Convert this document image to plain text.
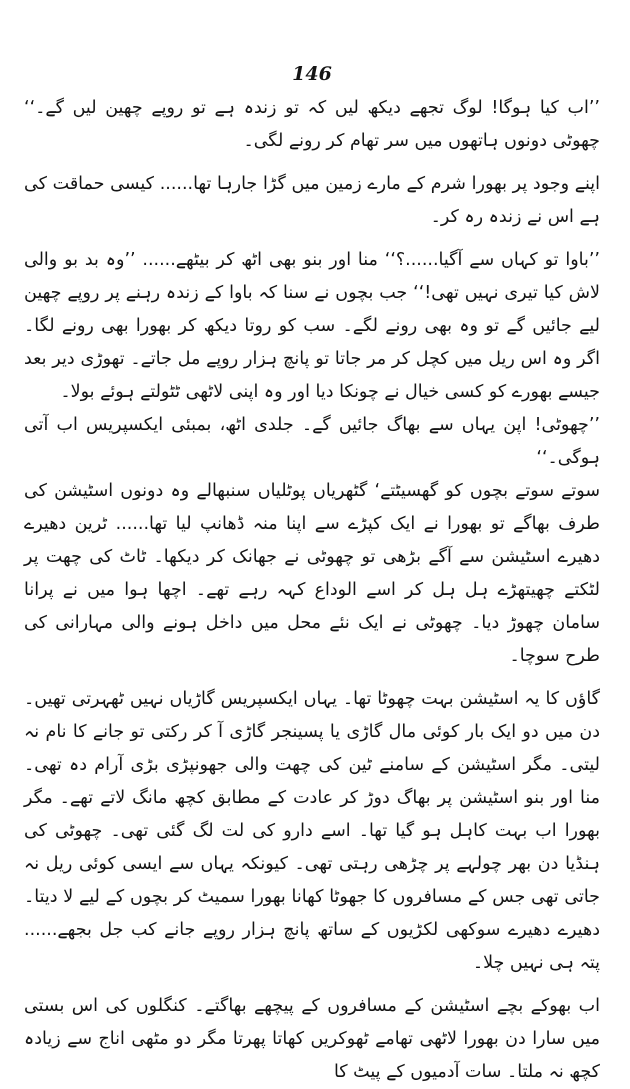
146

’’اب کیا ہوگا! لوگ تجھے دیکھ لیں کہ تو زندہ ہے تو روپے چھین لیں گے۔‘‘ چھوٹی دونوں ہاتھوں میں سر تھام کر رونے لگی۔

اپنے وجود پر بھورا شرم کے مارے زمین میں گڑا جارہا تھا...... کیسی حماقت کی ہے اس نے زندہ رہ کر۔

’’باوا تو کہاں سے آگیا......؟‘‘ منا اور بنو بھی اٹھ کر بیٹھے...... ’’وہ بد بو والی لاش کیا تیری نہیں تھی!‘‘ جب بچوں نے سنا کہ باوا کے زندہ رہنے پر روپے چھین لیے جائیں گے تو وہ بھی رونے لگے۔ سب کو روتا دیکھ کر بھورا بھی رونے لگا۔ اگر وہ اس ریل میں کچل کر مر جاتا تو پانچ ہزار روپے مل جاتے۔ تھوڑی دیر بعد جیسے بھورے کو کسی خیال نے چونکا دیا اور وہ اپنی لاٹھی ٹٹولتے ہوئے بولا۔

’’چھوٹی! اپن یہاں سے بھاگ جائیں گے۔ جلدی اٹھ، بمبئی ایکسپریس اب آتی ہوگی۔‘‘

سوتے سوتے بچوں کو گھسیٹتے‘ گٹھریاں پوٹلیاں سنبھالے وہ دونوں اسٹیشن کی طرف بھاگے تو بھورا نے ایک کپڑے سے اپنا منہ ڈھانپ لیا تھا...... ٹرین دھیرے دھیرے اسٹیشن سے آگے بڑھی تو چھوٹی نے جھانک کر دیکھا۔ ٹاٹ کی چھت پر لٹکتے چھیتھڑے ہل ہل کر اسے الوداع کہہ رہے تھے۔ اچھا ہوا میں نے پرانا سامان چھوڑ دیا۔ چھوٹی نے ایک نئے محل میں داخل ہونے والی مہارانی کی طرح سوچا۔

گاؤں کا یہ اسٹیشن بہت چھوٹا تھا۔ یہاں ایکسپریس گاڑیاں نہیں ٹھہرتی تھیں۔ دن میں دو ایک بار کوئی مال گاڑی یا پسینجر گاڑی آ کر رکتی تو جانے کا نام نہ لیتی۔ مگر اسٹیشن کے سامنے ٹین کی چھت والی جھونپڑی بڑی آرام دہ تھی۔ منا اور بنو اسٹیشن پر بھاگ دوڑ کر عادت کے مطابق کچھ مانگ لاتے تھے۔ مگر بھورا اب بہت کاہل ہو گیا تھا۔ اسے دارو کی لت لگ گئی تھی۔ چھوٹی کی ہنڈیا دن بھر چولہے پر چڑھی رہتی تھی۔ کیونکہ یہاں سے ایسی کوئی ریل نہ جاتی تھی جس کے مسافروں کا جھوٹا کھانا بھورا سمیٹ کر بچوں کے لیے لا دیتا۔ دھیرے دھیرے سوکھی لکڑیوں کے ساتھ پانچ ہزار روپے جانے کب جل بجھے...... پتہ ہی نہیں چلا۔

اب بھوکے بچے اسٹیشن کے مسافروں کے پیچھے بھاگتے۔ کنگلوں کی اس بستی میں سارا دن بھورا لاٹھی تھامے ٹھوکریں کھاتا پھرتا مگر دو مٹھی اناج سے زیادہ کچھ نہ ملتا۔ سات آدمیوں کے پیٹ کا
